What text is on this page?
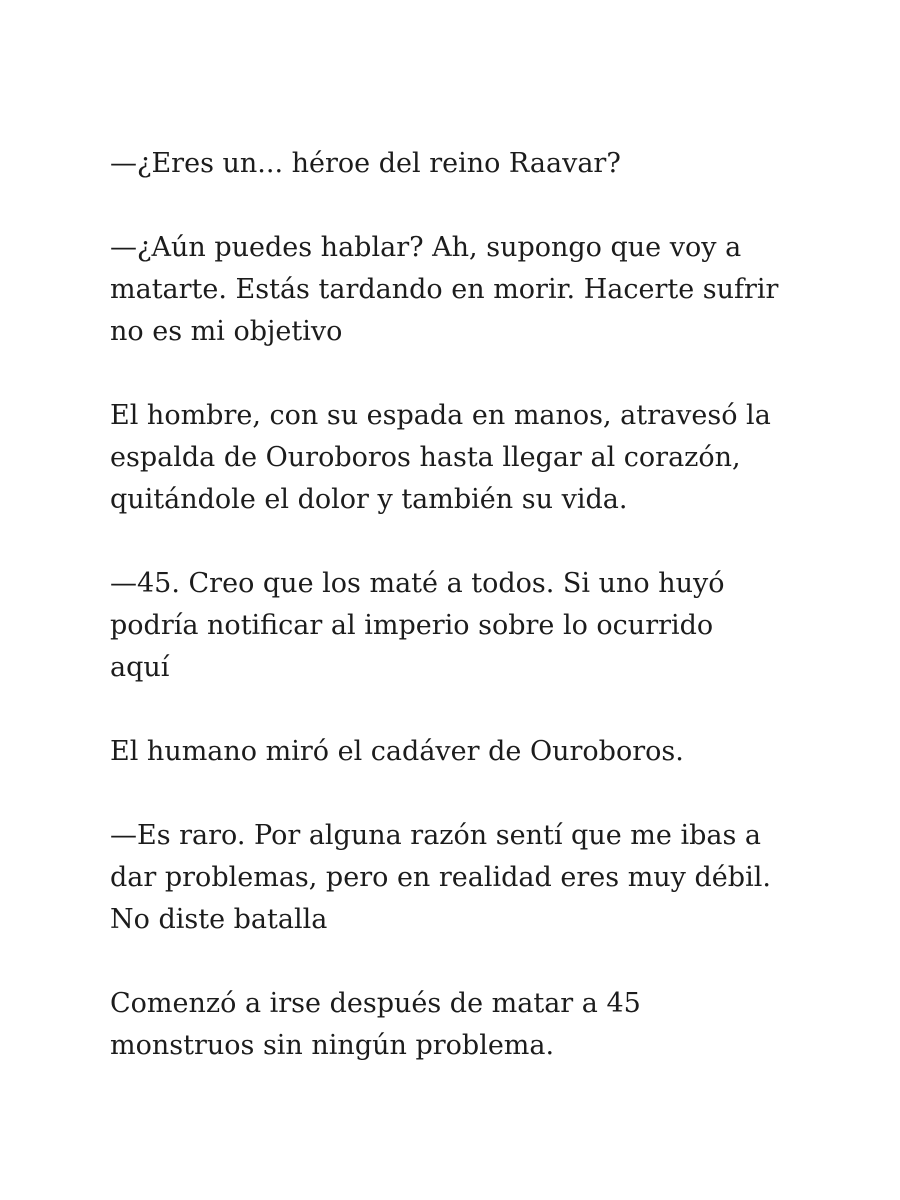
—¿Eres un... héroe del reino Raavar?

—¿Aún puedes hablar? Ah, supongo que voy a
matarte. Estás tardando en morir. Hacerte sufrir
no es mi objetivo

El hombre, con su espada en manos, atravesó la
espalda de Ouroboros hasta llegar al corazón,
quitándole el dolor y también su vida.

—45. Creo que los maté a todos. Si uno huyó
podría notificar al imperio sobre lo ocurrido
aquí

El humano miró el cadáver de Ouroboros.

—Es raro. Por alguna razón sentí que me ibas a
dar problemas, pero en realidad eres muy débil.
No diste batalla

Comenzó a irse después de matar a 45
monstruos sin ningún problema.
